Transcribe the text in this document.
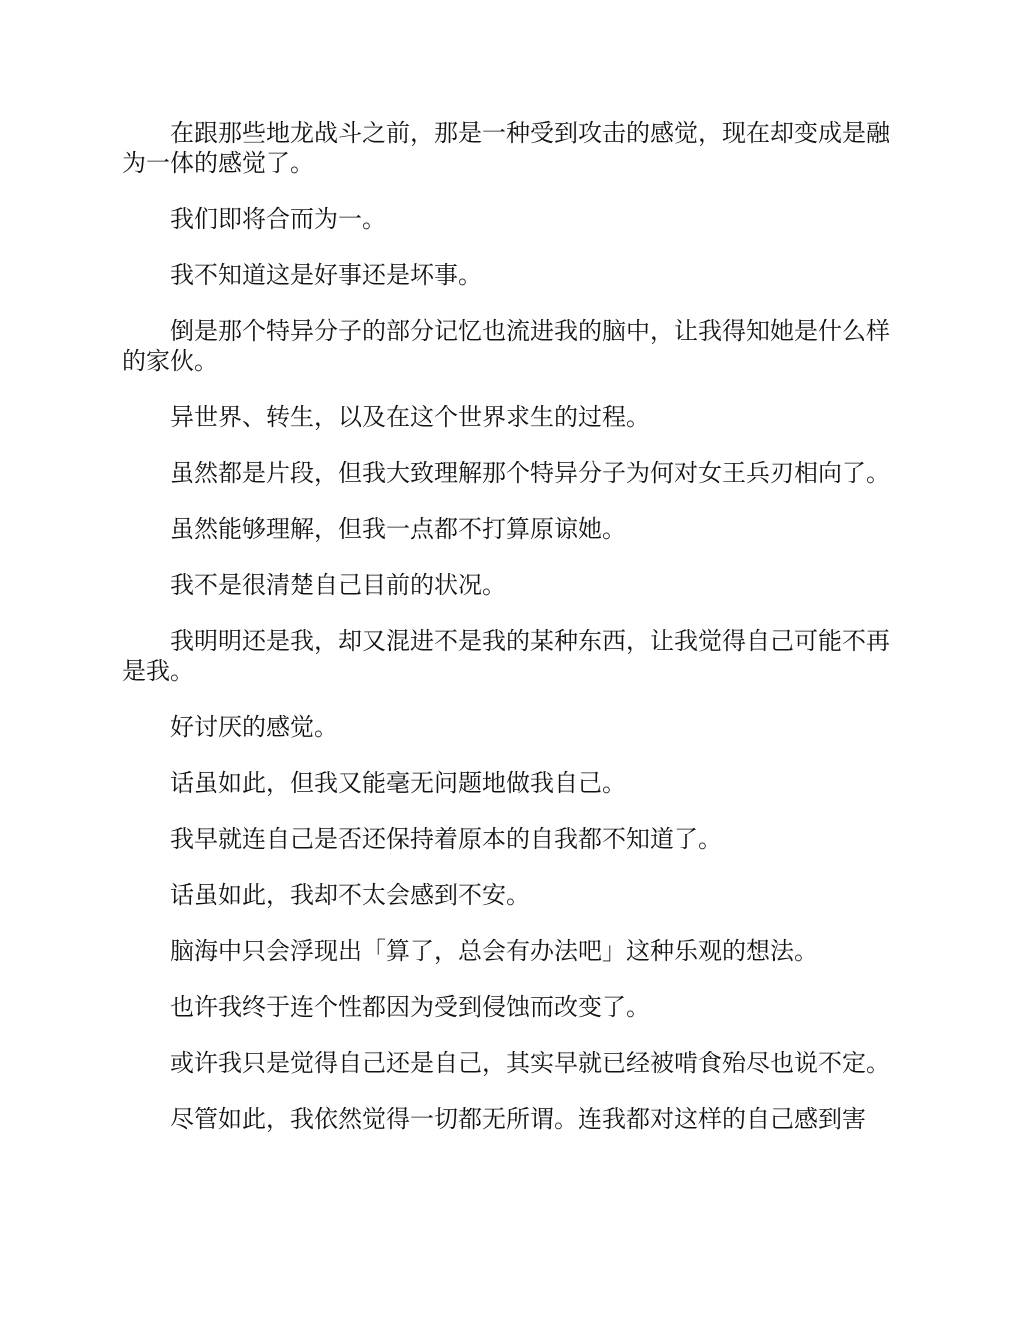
在跟那些地龙战斗之前，那是一种受到攻击的感觉，现在却变成是融为一体的感觉了。

我们即将合而为一。

我不知道这是好事还是坏事。

倒是那个特异分子的部分记忆也流进我的脑中，让我得知她是什么样的家伙。

异世界、转生，以及在这个世界求生的过程。

虽然都是片段，但我大致理解那个特异分子为何对女王兵刃相向了。

虽然能够理解，但我一点都不打算原谅她。

我不是很清楚自己目前的状况。

我明明还是我，却又混进不是我的某种东西，让我觉得自己可能不再是我。

好讨厌的感觉。

话虽如此，但我又能毫无问题地做我自己。

我早就连自己是否还保持着原本的自我都不知道了。

话虽如此，我却不太会感到不安。

脑海中只会浮现出「算了，总会有办法吧」这种乐观的想法。

也许我终于连个性都因为受到侵蚀而改变了。

或许我只是觉得自己还是自己，其实早就已经被啃食殆尽也说不定。

尽管如此，我依然觉得一切都无所谓。连我都对这样的自己感到害
